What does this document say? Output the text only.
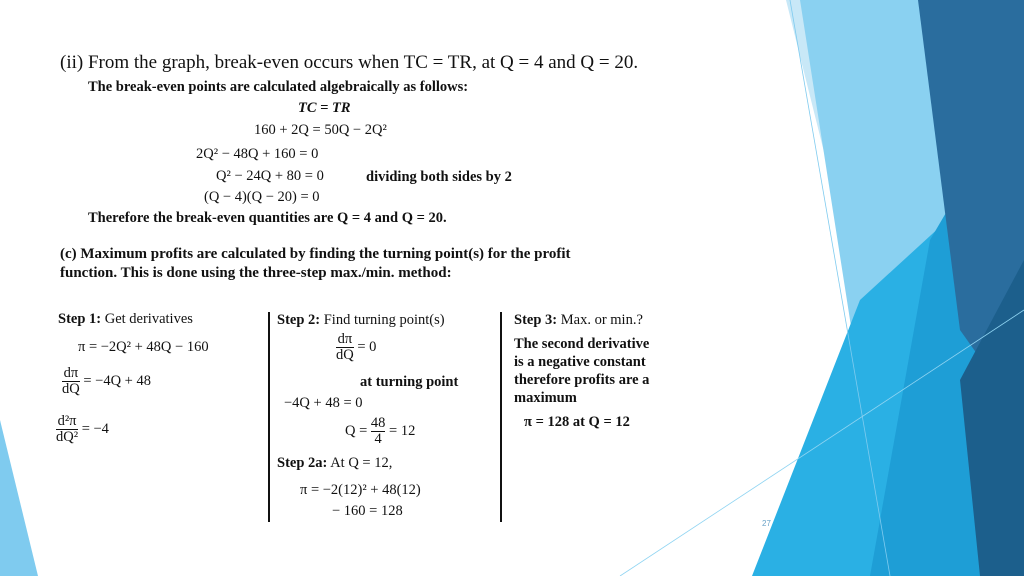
(ii) From the graph, break-even occurs when TC = TR, at Q = 4 and Q = 20.
The break-even points are calculated algebraically as follows:
TC = TR
160 + 2Q = 50Q − 2Q²
2Q² − 48Q + 160 = 0
Q² − 24Q + 80 = 0	dividing both sides by 2
(Q − 4)(Q − 20) = 0
Therefore the break-even quantities are Q = 4 and Q = 20.
(c) Maximum profits are calculated by finding the turning point(s) for the profit
function. This is done using the three-step max./min. method:
Step 1: Get derivatives
π = −2Q² + 48Q − 160
$\frac{d\pi}{dQ} = -4Q + 48$
$\frac{\text{d²π}}{\text{dQ²}} = -4$
Step 2: Find turning point(s)
$\frac{d\pi}{dQ} = 0$
at turning point
−4Q + 48 = 0
$Q = \frac{48}{4} = 12$
Step 2a: At Q = 12,
π = −2(12)² + 48(12)
− 160 = 128
Step 3: Max. or min.?
The second derivative
is a negative constant
therefore profits are a
maximum
π = 128 at Q = 12
27
